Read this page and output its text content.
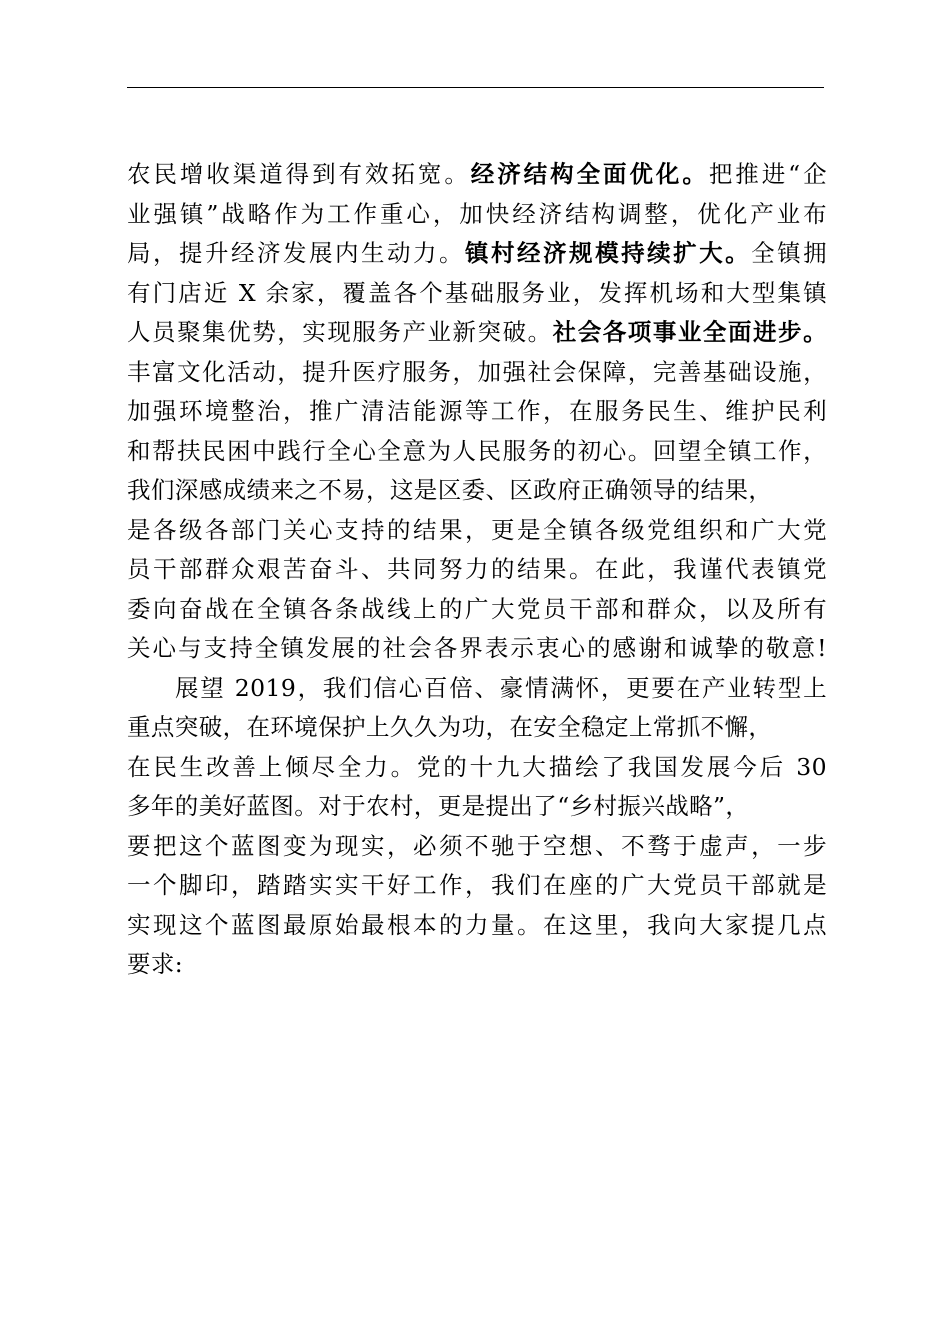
农民增收渠道得到有效拓宽。经济结构全面优化。把推进“企
业强镇”战略作为工作重心，加快经济结构调整，优化产业布
局，提升经济发展内生动力。镇村经济规模持续扩大。全镇拥
有门店近 X 余家，覆盖各个基础服务业，发挥机场和大型集镇
人员聚集优势，实现服务产业新突破。社会各项事业全面进步。
丰富文化活动，提升医疗服务，加强社会保障，完善基础设施，
加强环境整治，推广清洁能源等工作，在服务民生、维护民利
和帮扶民困中践行全心全意为人民服务的初心。回望全镇工作，
我们深感成绩来之不易，这是区委、区政府正确领导的结果，
是各级各部门关心支持的结果，更是全镇各级党组织和广大党
员干部群众艰苦奋斗、共同努力的结果。在此，我谨代表镇党
委向奋战在全镇各条战线上的广大党员干部和群众，以及所有
关心与支持全镇发展的社会各界表示衷心的感谢和诚挚的敬意!
展望 2019，我们信心百倍、豪情满怀，更要在产业转型上
重点突破，在环境保护上久久为功，在安全稳定上常抓不懈，
在民生改善上倾尽全力。党的十九大描绘了我国发展今后 30
多年的美好蓝图。对于农村，更是提出了“乡村振兴战略”，
要把这个蓝图变为现实，必须不驰于空想、不骛于虚声，一步
一个脚印，踏踏实实干好工作，我们在座的广大党员干部就是
实现这个蓝图最原始最根本的力量。在这里，我向大家提几点
要求:
